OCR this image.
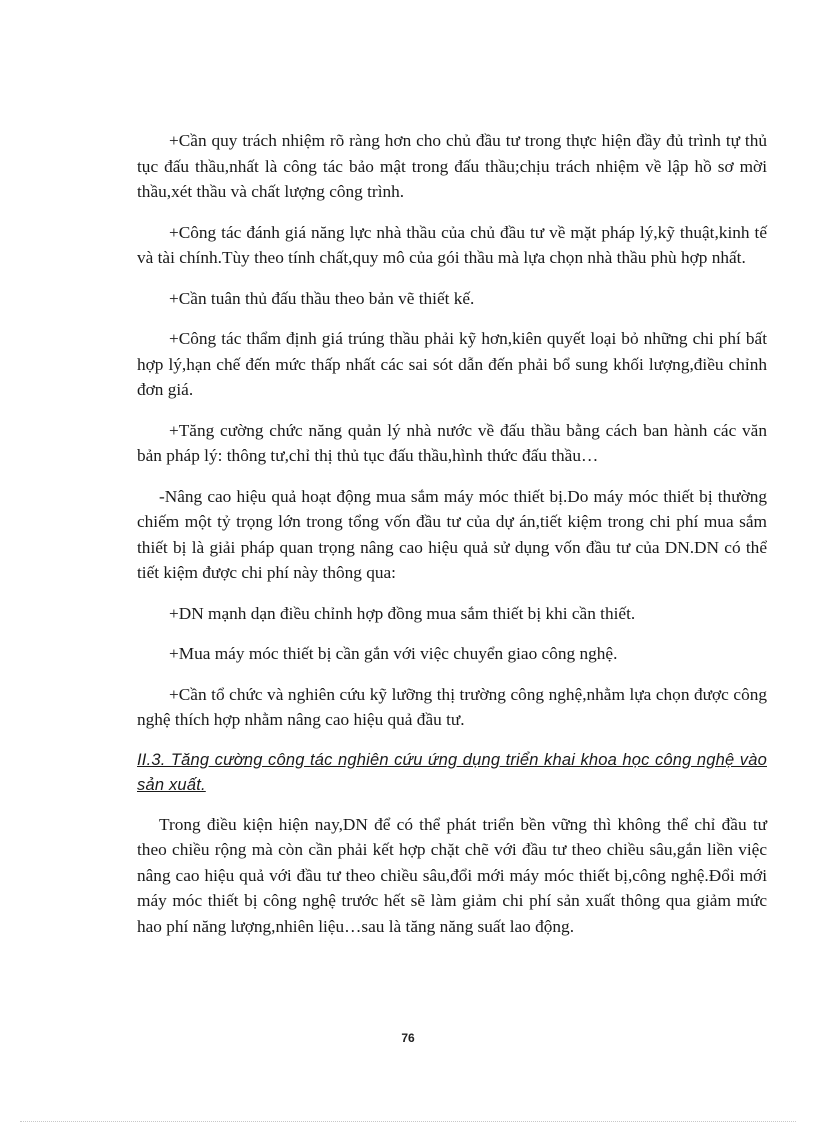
+Cần quy trách nhiệm rõ ràng hơn cho chủ đầu tư trong thực hiện đầy đủ trình tự thủ tục đấu thầu,nhất là công tác bảo mật trong đấu thầu;chịu trách nhiệm về lập hồ sơ mời thầu,xét thầu và chất lượng công trình.

+Công tác đánh giá năng lực nhà thầu của chủ đầu tư về mặt pháp lý,kỹ thuật,kinh tế và tài chính.Tùy theo tính chất,quy mô của gói thầu mà lựa chọn nhà thầu phù hợp nhất.

+Cần tuân thủ đấu thầu theo bản vẽ thiết kế.

+Công tác thẩm định giá trúng thầu phải kỹ hơn,kiên quyết loại bỏ những chi phí bất hợp lý,hạn chế đến mức thấp nhất các sai sót dẫn đến phải bổ sung khối lượng,điều chỉnh đơn giá.

+Tăng cường chức năng quản lý nhà nước về đấu thầu bằng cách ban hành các văn bản pháp lý: thông tư,chỉ thị thủ tục đấu thầu,hình thức đấu thầu…

-Nâng cao hiệu quả hoạt động mua sắm máy móc thiết bị.Do máy móc thiết bị thường chiếm một tỷ trọng lớn trong tổng vốn đầu tư của dự án,tiết kiệm trong chi phí mua sắm thiết bị là giải pháp quan trọng nâng cao hiệu quả sử dụng vốn đầu tư của DN.DN có thể tiết kiệm được chi phí này thông qua:

+DN mạnh dạn điều chỉnh hợp đồng mua sắm thiết bị khi cần thiết.

+Mua máy móc thiết bị cần gắn với việc chuyển giao công nghệ.

+Cần tổ chức và nghiên cứu kỹ lưỡng thị trường công nghệ,nhằm lựa chọn được công nghệ thích hợp nhằm nâng cao hiệu quả đầu tư.

II.3. Tăng cường công tác nghiên cứu ứng dụng triển khai khoa học công nghệ vào sản xuất.

Trong điều kiện hiện nay,DN để có thể phát triển bền vững thì không thể chỉ đầu tư theo chiều rộng mà còn cần phải kết hợp chặt chẽ với đầu tư theo chiều sâu,gắn liền việc nâng cao hiệu quả với đầu tư theo chiều sâu,đổi mới máy móc thiết bị,công nghệ.Đổi mới máy móc thiết bị công nghệ trước hết sẽ làm giảm chi phí sản xuất thông qua giảm mức hao phí năng lượng,nhiên liệu…sau là tăng năng suất lao động.

76
